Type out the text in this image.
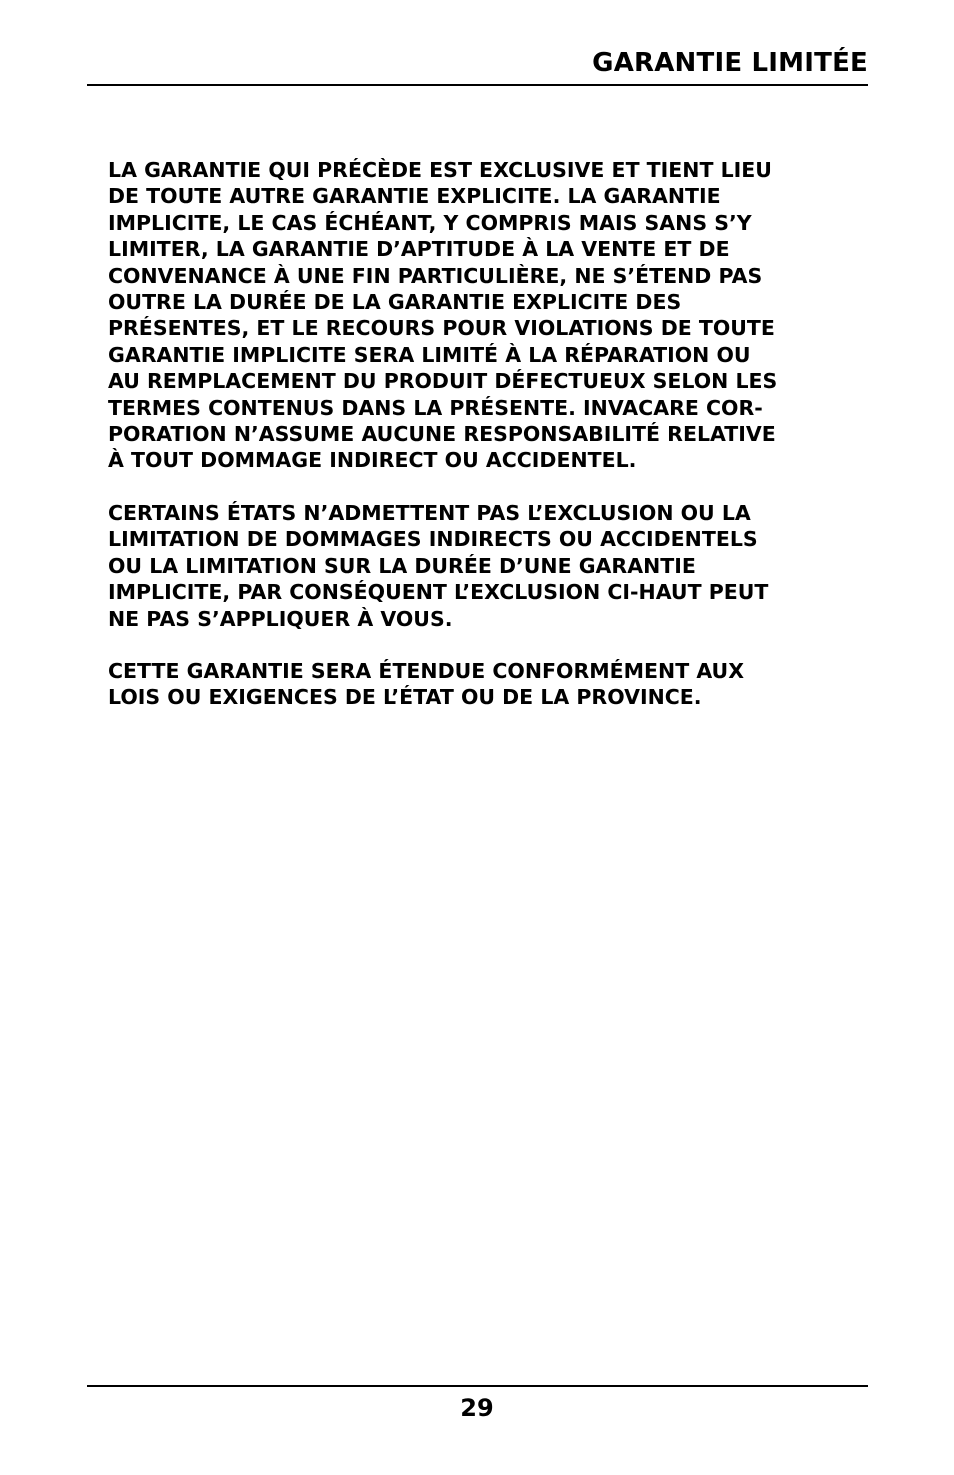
GARANTIE LIMITÉE

LA GARANTIE QUI PRÉCÈDE EST EXCLUSIVE ET TIENT LIEU
DE TOUTE AUTRE GARANTIE EXPLICITE. LA GARANTIE
IMPLICITE, LE CAS ÉCHÉANT, Y COMPRIS MAIS SANS S’Y
LIMITER, LA GARANTIE D’APTITUDE À LA VENTE ET DE
CONVENANCE À UNE FIN PARTICULIÈRE, NE S’ÉTEND PAS
OUTRE LA DURÉE DE LA GARANTIE EXPLICITE DES
PRÉSENTES, ET LE RECOURS POUR VIOLATIONS DE TOUTE
GARANTIE IMPLICITE SERA LIMITÉ À LA RÉPARATION OU
AU REMPLACEMENT DU PRODUIT DÉFECTUEUX SELON LES
TERMES CONTENUS DANS LA PRÉSENTE. INVACARE COR-
PORATION N’ASSUME AUCUNE RESPONSABILITÉ RELATIVE
À TOUT DOMMAGE INDIRECT OU ACCIDENTEL.

CERTAINS ÉTATS N’ADMETTENT PAS L’EXCLUSION OU LA
LIMITATION DE DOMMAGES INDIRECTS OU ACCIDENTELS
OU LA LIMITATION SUR LA DURÉE D’UNE GARANTIE
IMPLICITE, PAR CONSÉQUENT L’EXCLUSION CI-HAUT PEUT
NE PAS S’APPLIQUER À VOUS.

CETTE GARANTIE SERA ÉTENDUE CONFORMÉMENT AUX
LOIS OU EXIGENCES DE L’ÉTAT OU DE LA PROVINCE.

29
